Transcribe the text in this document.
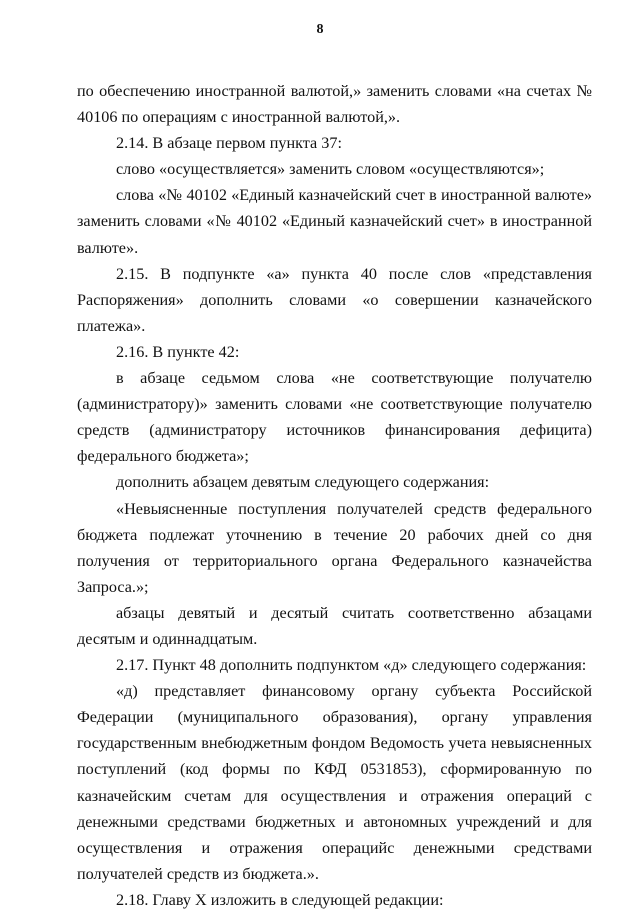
8

по обеспечению иностранной валютой,» заменить словами «на счетах № 40106 по операциям с иностранной валютой,».

2.14. В абзаце первом пункта 37:

слово «осуществляется» заменить словом «осуществляются»;

слова «№ 40102 «Единый казначейский счет в иностранной валюте» заменить словами «№ 40102 «Единый казначейский счет» в иностранной валюте».

2.15. В подпункте «а» пункта 40 после слов «представления Распоряжения» дополнить словами «о совершении казначейского платежа».

2.16. В пункте 42:

в абзаце седьмом слова «не соответствующие получателю (администратору)» заменить словами «не соответствующие получателю средств (администратору источников финансирования дефицита) федерального бюджета»;

дополнить абзацем девятым следующего содержания:

«Невыясненные поступления получателей средств федерального бюджета подлежат уточнению в течение 20 рабочих дней со дня получения от территориального органа Федерального казначейства Запроса.»;

абзацы девятый и десятый считать соответственно абзацами десятым и одиннадцатым.

2.17. Пункт 48 дополнить подпунктом «д» следующего содержания:

«д) представляет финансовому органу субъекта Российской Федерации (муниципального образования), органу управления государственным внебюджетным фондом Ведомость учета невыясненных поступлений (код формы по КФД 0531853), сформированную по казначейским счетам для осуществления и отражения операций с денежными средствами бюджетных и автономных учреждений и для осуществления и отражения операцийс денежными средствами получателей средств из бюджета.».

2.18. Главу X изложить в следующей редакции:
